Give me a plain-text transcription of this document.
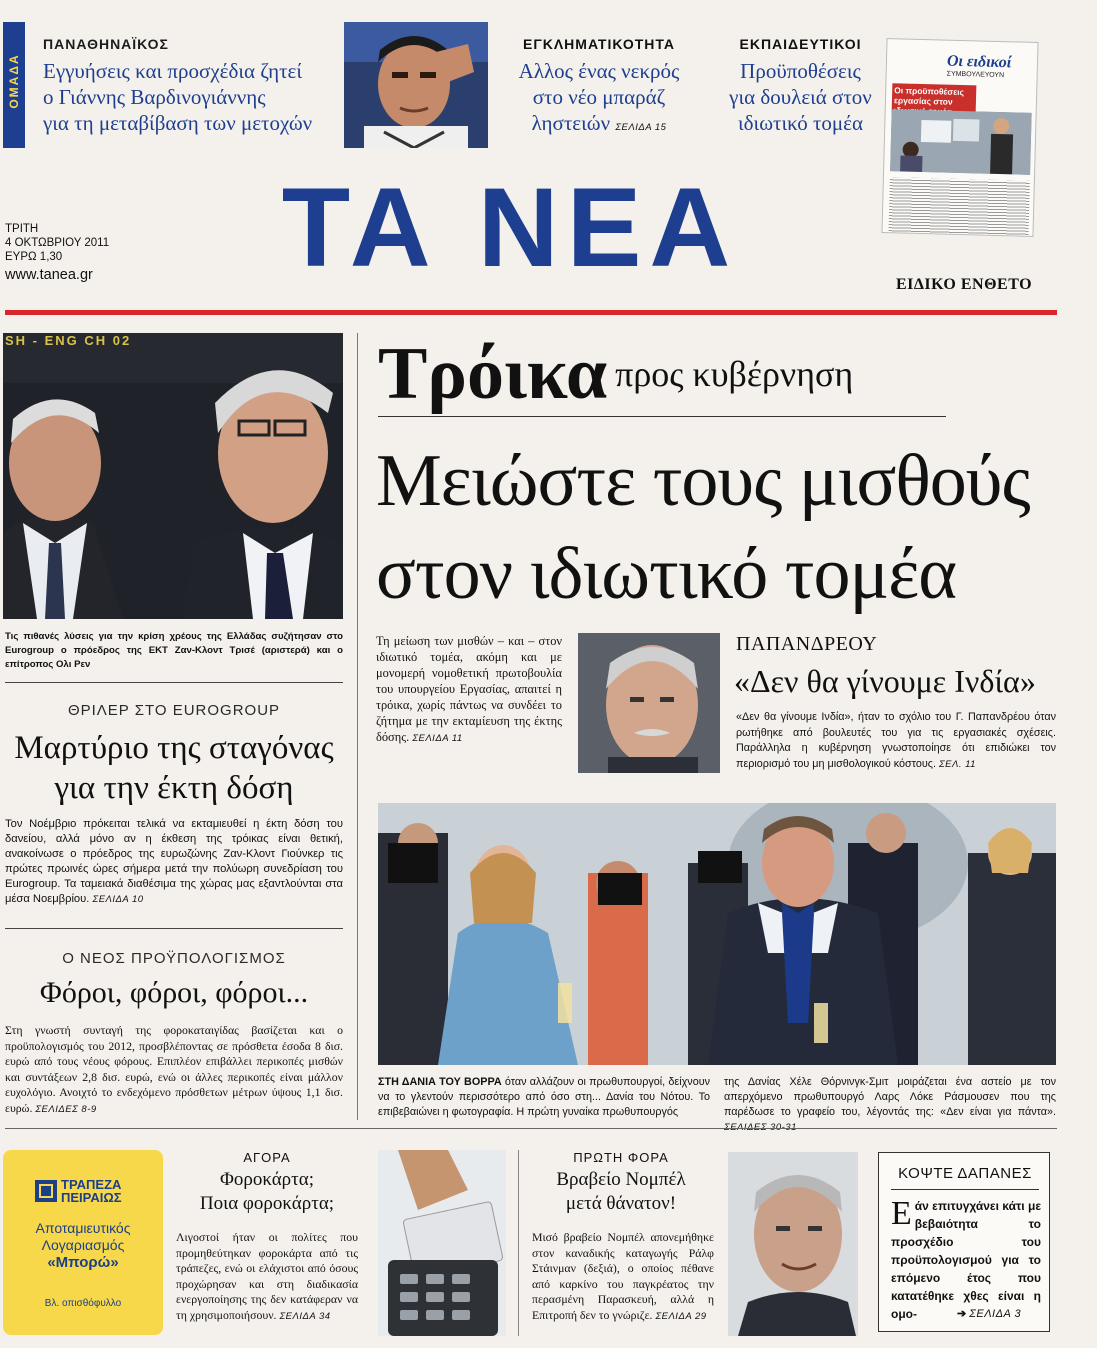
ΟΜΑΔΑ
ΠΑΝΑΘΗΝΑΪΚΟΣ
Εγγυήσεις και προσχέδια ζητεί
ο Γιάννης Βαρδινογιάννης
για τη μεταβίβαση των μετοχών
ΕΓΚΛΗΜΑΤΙΚΟΤΗΤΑ
Αλλος ένας νεκρός
στο νέο μπαράζ
ληστειών ΣΕΛΙΔΑ 15
ΕΚΠΑΙΔΕΥΤΙΚΟΙ
Προϋποθέσεις
για δουλειά στον
ιδιωτικό τομέα
Οι ειδικοί
ΣΥΜΒΟΥΛΕΥΟΥΝ
Οι προϋποθέσεις εργασίας στον
ΤΡΙΤΗ
4 ΟΚΤΩΒΡΙΟΥ 2011
ΕΥΡΩ 1,30
www.tanea.gr	ΤΑ ΝΕΑ	ΕΙΔΙΚΟ ΕΝΘΕΤΟ
SH - ENG CH 02
Τις πιθανές λύσεις για την κρίση χρέους της Ελλάδας συζήτησαν στο Eurogroup ο πρόεδρος της ΕΚΤ Ζαν-Κλοντ Τρισέ (αριστερά) και ο επίτροπος Ολι Ρεν
ΘΡΙΛΕΡ ΣΤΟ EUROGROUP
Μαρτύριο της σταγόνας
για την έκτη δόση
Τον Νοέμβριο πρόκειται τελικά να εκταμιευθεί η έκτη δόση του δανείου, αλλά μόνο αν η έκθεση της τρόικας είναι θετική, ανακοίνωσε ο πρόεδρος της ευρωζώνης Ζαν-Κλοντ Γιούνκερ τις πρώτες πρωινές ώρες σήμερα μετά την πολύωρη συνεδρίαση του Eurogroup. Τα ταμειακά διαθέσιμα της χώρας μας εξαντλούνται στα μέσα Νοεμβρίου. ΣΕΛΙΔΑ 10
Ο ΝΕΟΣ ΠΡΟΫΠΟΛΟΓΙΣΜΟΣ
Φόροι, φόροι, φόροι...
Στη γνωστή συνταγή της φοροκαταιγίδας βασίζεται και ο προϋπολογισμός του 2012, προσβλέποντας σε πρόσθετα έσοδα 8 δισ. ευρώ από τους νέους φόρους. Επιπλέον επιβάλλει περικοπές μισθών και συντάξεων 2,8 δισ. ευρώ, ενώ οι άλλες περικοπές είναι μάλλον ευχολόγιο. Ανοιχτό το ενδεχόμενο πρόσθετων μέτρων ύψους 1,1 δισ. ευρώ. ΣΕΛΙΔΕΣ 8-9
Τρόικα προς κυβέρνηση
Μειώστε τους μισθούς
στον ιδιωτικό τομέα
”
Τη μείωση των μισθών – και – στον ιδιωτικό τομέα, ακόμη και με μονομερή νομοθετική πρωτοβουλία του υπουργείου Εργασίας, απαιτεί η τρόικα, χωρίς πάντως να συνδέει το ζήτημα με την εκταμίευση της έκτης δόσης. ΣΕΛΙΔΑ 11
ΠΑΠΑΝΔΡΕΟΥ
«Δεν θα γίνουμε Ινδία»
«Δεν θα γίνουμε Ινδία», ήταν το σχόλιο του Γ. Παπανδρέου όταν ρωτήθηκε από βουλευτές του για τις εργασιακές σχέσεις. Παράλληλα η κυβέρνηση γνωστοποίησε ότι επιδιώκει τον περιορισμό του μη μισθολογικού κόστους. ΣΕΛ. 11
ΣΤΗ ΔΑΝΙΑ ΤΟΥ ΒΟΡΡΑ όταν αλλάζουν οι πρωθυπουργοί, δείχνουν να το γλεντούν περισσότερο από όσο στη... Δανία του Νότου. Το επιβεβαιώνει η φωτογραφία. Η πρώτη γυναίκα πρωθυπουργός
της Δανίας Χέλε Θόρνινγκ-Σμιτ μοιράζεται ένα αστείο με τον απερχόμενο πρωθυπουργό Λαρς Λόκε Ράσμουσεν που της παρέδωσε το γραφείο του, λέγοντάς της: «Δεν είναι για πάντα».
ΤΡΑΠΕΖΑ
ΠΕΙΡΑΙΩΣ
Αποταμιευτικός
Λογαριασμός
«Μπορώ»
Βλ. οπισθόφυλλο
ΑΓΟΡΑ
Φοροκάρτα;
Ποια φοροκάρτα;
Λιγοστοί ήταν οι πολίτες που προμηθεύτηκαν φοροκάρτα από τις τράπεζες, ενώ οι ελάχιστοι από όσους προχώρησαν και στη διαδικασία ενεργοποίησης της δεν κατάφεραν να τη χρησιμοποιήσουν. ΣΕΛΙΔΑ 34
ΠΡΩΤΗ ΦΟΡΑ
Βραβείο Νομπέλ
μετά θάνατον!
Μισό βραβείο Νομπέλ απονεμήθηκε στον καναδικής καταγωγής Ράλφ Στάινμαν (δεξιά), ο οποίος πέθανε από καρκίνο του παγκρέατος την περασμένη Παρασκευή, αλλά η Επιτροπή δεν το γνώριζε. ΣΕΛΙΔΑ 29
ΚΟΨΤΕ ΔΑΠΑΝΕΣ
Ε άν επιτυγχάνει κάτι με βεβαιότητα το προσχέδιο του προϋπολογισμού για το επόμενο έτος που κατατέθηκε χθες είναι η ομο-	➔ ΣΕΛΙΔΑ 3
